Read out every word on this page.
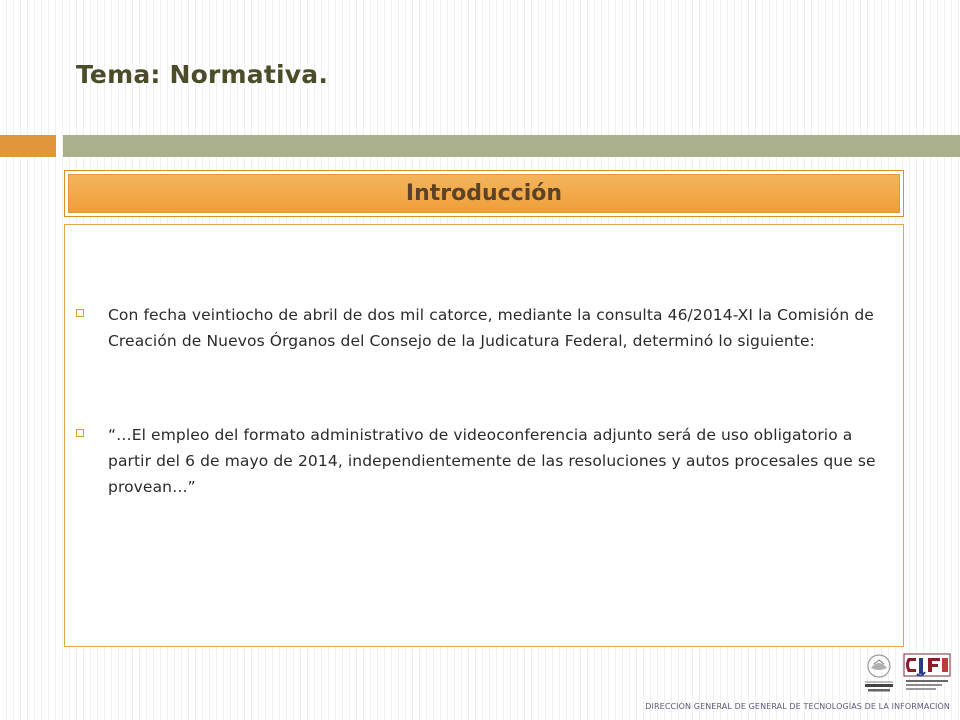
Tema: Normativa.
Introducción
Con fecha veintiocho de abril de dos mil catorce, mediante la consulta 46/2014-XI la Comisión de Creación de Nuevos Órganos del Consejo de la Judicatura Federal, determinó lo siguiente:
“…El empleo del formato administrativo de videoconferencia adjunto será de uso obligatorio a partir del 6 de mayo de 2014, independientemente de las resoluciones y autos procesales que se provean…”
DIRECCIÓN GENERAL DE GENERAL DE TECNOLOGÍAS DE LA INFORMACIÓN
